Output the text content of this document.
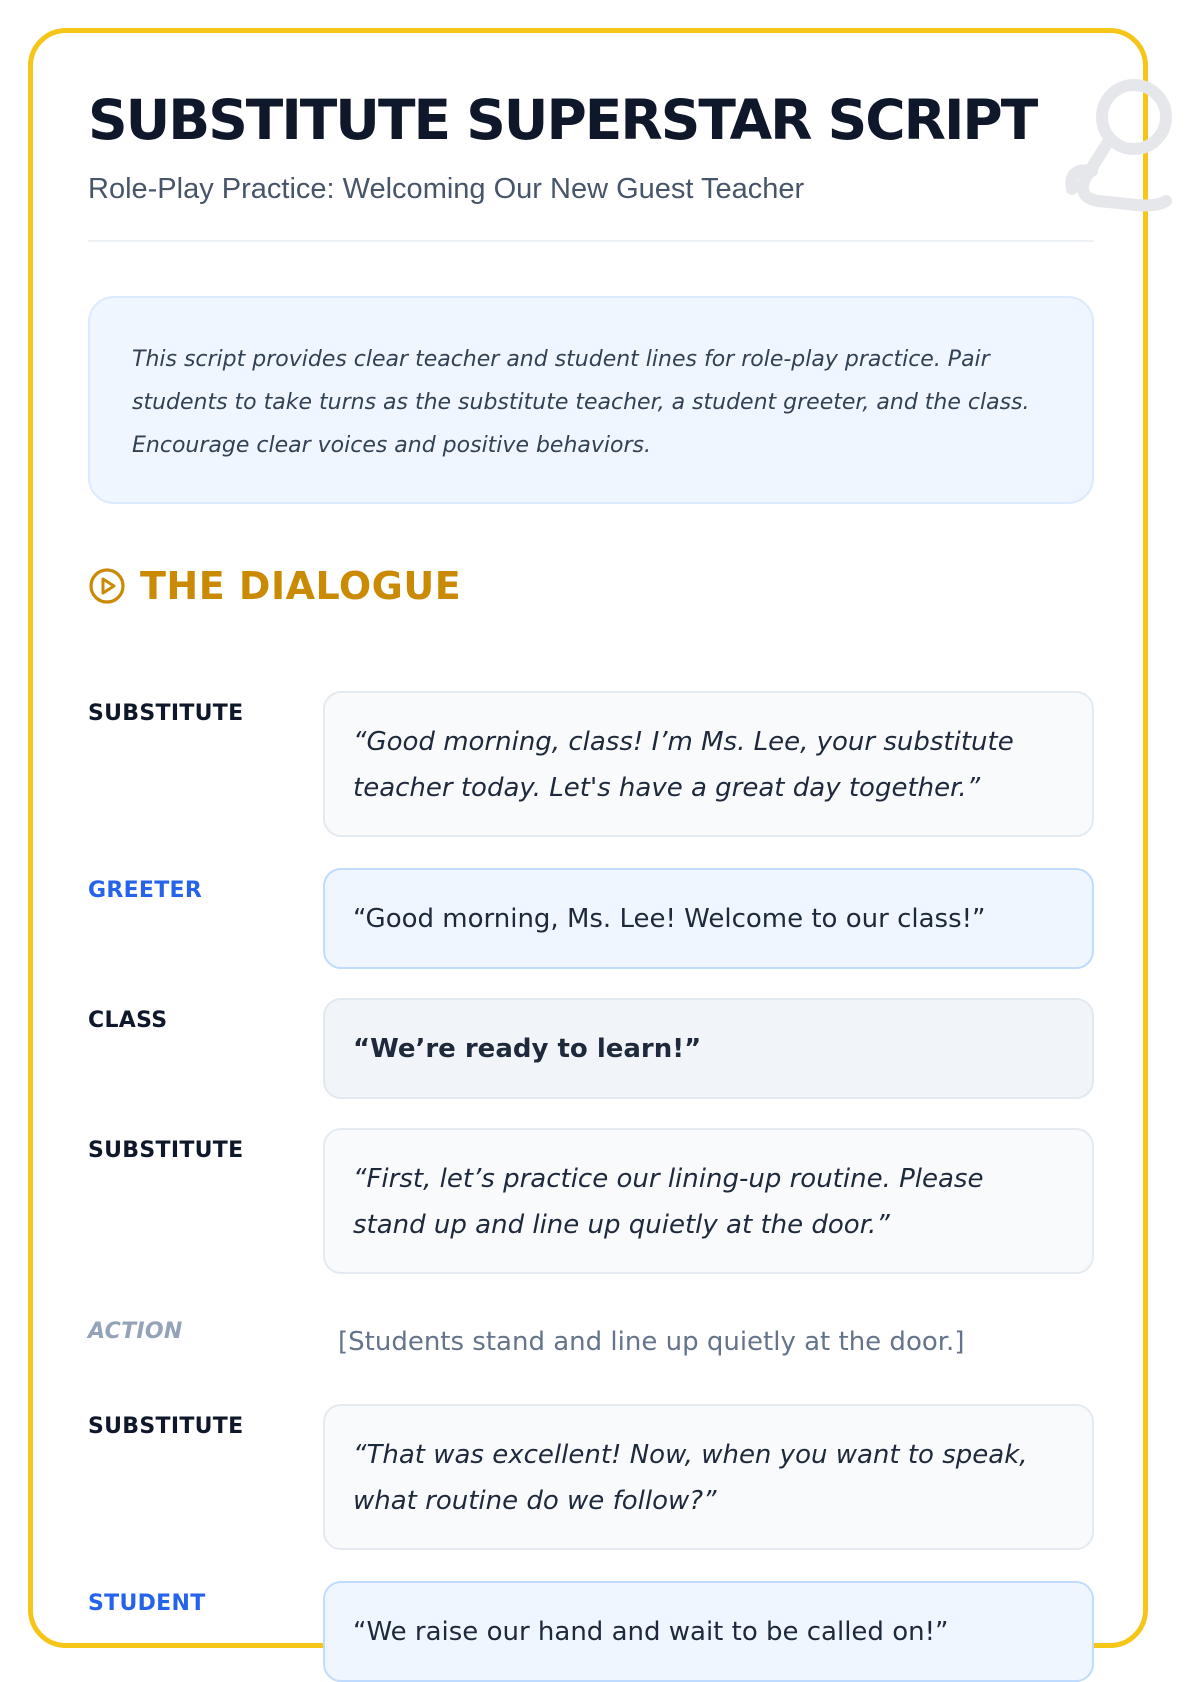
SUBSTITUTE SUPERSTAR SCRIPT

Role-Play Practice: Welcoming Our New Guest Teacher

This script provides clear teacher and student lines for role-play practice. Pair students to take turns as the substitute teacher, a student greeter, and the class. Encourage clear voices and positive behaviors.
THE DIALOGUE
SUBSTITUTE
“Good morning, class! I’m Ms. Lee, your substitute teacher today. Let's have a great day together.”
GREETER
“Good morning, Ms. Lee! Welcome to our class!”
CLASS
“We’re ready to learn!”
SUBSTITUTE
“First, let’s practice our lining-up routine. Please stand up and line up quietly at the door.”
ACTION	[Students stand and line up quietly at the door.]
SUBSTITUTE
“That was excellent! Now, when you want to speak, what routine do we follow?”
STUDENT
“We raise our hand and wait to be called on!”
